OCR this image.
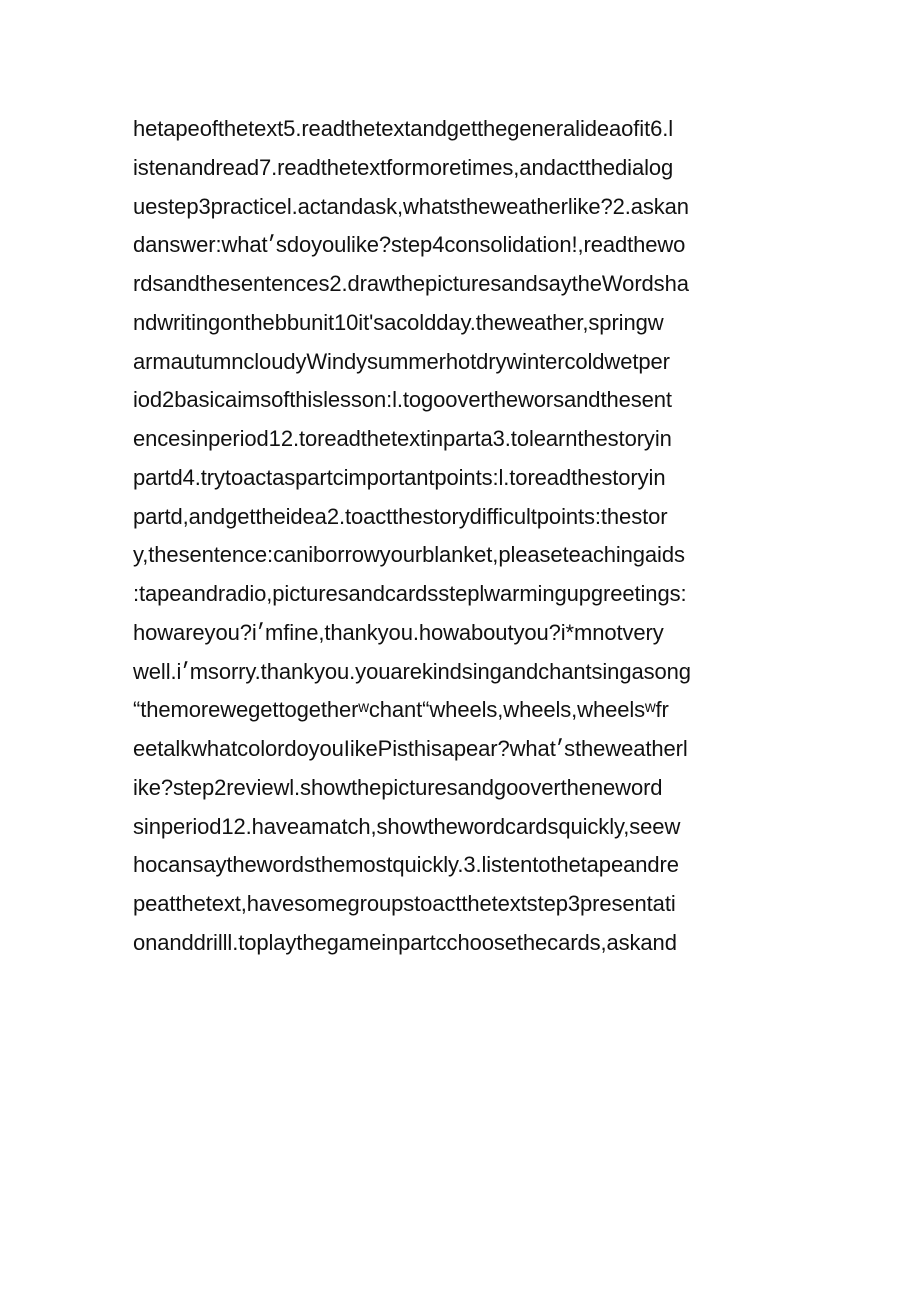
hetapeofthetext5.readthetextandgetthegeneralideaofit6.l
istenandread7.readthetextformoretimes,andactthedialog
uestep3practicel.actandask,whatstheweatherlike?2.askan
danswer:what׳sdoyoulike?step4consolidation!,readthewo
rdsandthesentences2.drawthepicturesandsaytheWordsha
ndwritingonthebbunit10it'sacoldday.theweather,springw
armautumncloudyWindysummerhotdrywintercoldwetper
iod2basicaimsofthislesson:l.togoovertheworsandthesent
encesinperiod12.toreadthetextinparta3.tolearnthestoryin
partd4.trytoactaspartcimportantpoints:l.toreadthestoryin
partd,andgettheidea2.toactthestorydifficultpoints:thestor
y,thesentence:caniborrowyourblanket,pleaseteachingaids
:tapeandradio,picturesandcardssteplwarmingupgreetings:
howareyou?i׳mfine,thankyou.howaboutyou?i*mnotvery
well.i׳msorry.thankyou.youarekindsingandchantsingasong
“themorewegettogetherʷchant“wheels,wheels,wheelsʷfr
eetalkwhatcolordoyouIikePisthisapear?what׳stheweatherl
ike?step2reviewl.showthepicturesandgoovertheneword
sinperiod12.haveamatch,showthewordcardsquickly,seew
hocansaythewordsthemostquickly.3.listentothetapeandre
peatthetext,havesomegroupstoactthetextstep3presentati
onanddrilll.toplaythegameinpartcchoosethecards,askand
